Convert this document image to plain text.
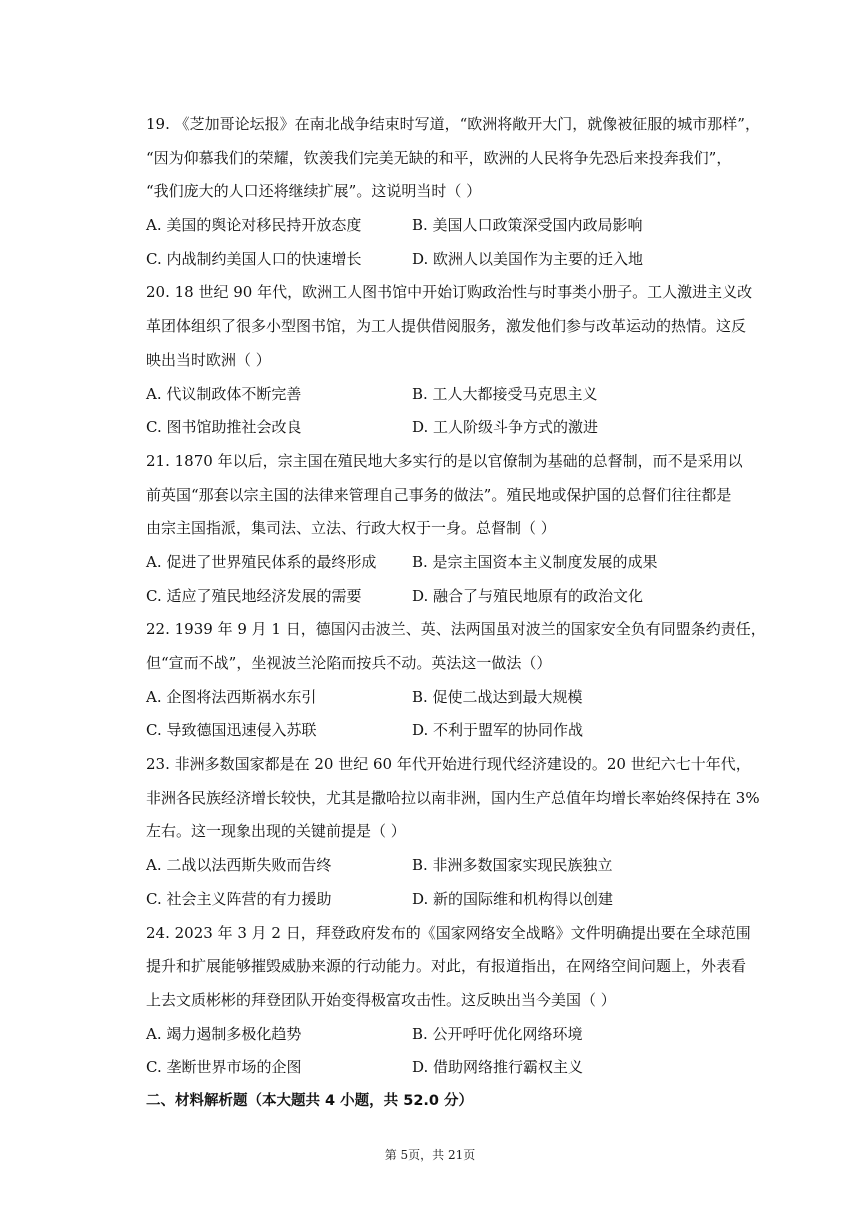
19. 《芝加哥论坛报》在南北战争结束时写道，“欧洲将敞开大门，就像被征服的城市那样”，
“因为仰慕我们的荣耀，钦羡我们完美无缺的和平，欧洲的人民将争先恐后来投奔我们”，
“我们庞大的人口还将继续扩展”。这说明当时（ ）
A. 美国的舆论对移民持开放态度	B. 美国人口政策深受国内政局影响
C. 内战制约美国人口的快速增长	D. 欧洲人以美国作为主要的迁入地
20. 18 世纪 90 年代，欧洲工人图书馆中开始订购政治性与时事类小册子。工人激进主义改
革团体组织了很多小型图书馆，为工人提供借阅服务，激发他们参与改革运动的热情。这反
映出当时欧洲（ ）
A. 代议制政体不断完善	B. 工人大都接受马克思主义
C. 图书馆助推社会改良	D. 工人阶级斗争方式的激进
21. 1870 年以后，宗主国在殖民地大多实行的是以官僚制为基础的总督制，而不是采用以
前英国“那套以宗主国的法律来管理自己事务的做法”。殖民地或保护国的总督们往往都是
由宗主国指派，集司法、立法、行政大权于一身。总督制（ ）
A. 促进了世界殖民体系的最终形成	B. 是宗主国资本主义制度发展的成果
C. 适应了殖民地经济发展的需要	D. 融合了与殖民地原有的政治文化
22. 1939 年 9 月 1 日，德国闪击波兰、英、法两国虽对波兰的国家安全负有同盟条约责任，
但“宣而不战”，坐视波兰沦陷而按兵不动。英法这一做法（）
A. 企图将法西斯祸水东引	B. 促使二战达到最大规模
C. 导致德国迅速侵入苏联	D. 不利于盟军的协同作战
23. 非洲多数国家都是在 20 世纪 60 年代开始进行现代经济建设的。20 世纪六七十年代，
非洲各民族经济增长较快，尤其是撒哈拉以南非洲，国内生产总值年均增长率始终保持在 3%
左右。这一现象出现的关键前提是（ ）
A. 二战以法西斯失败而告终	B. 非洲多数国家实现民族独立
C. 社会主义阵营的有力援助	D. 新的国际维和机构得以创建
24. 2023 年 3 月 2 日，拜登政府发布的《国家网络安全战略》文件明确提出要在全球范围
提升和扩展能够摧毁威胁来源的行动能力。对此，有报道指出，在网络空间问题上，外表看
上去文质彬彬的拜登团队开始变得极富攻击性。这反映出当今美国（ ）
A. 竭力遏制多极化趋势	B. 公开呼吁优化网络环境
C. 垄断世界市场的企图	D. 借助网络推行霸权主义
二、材料解析题（本大题共 4 小题，共 52.0 分）
第 5页，共 21页
